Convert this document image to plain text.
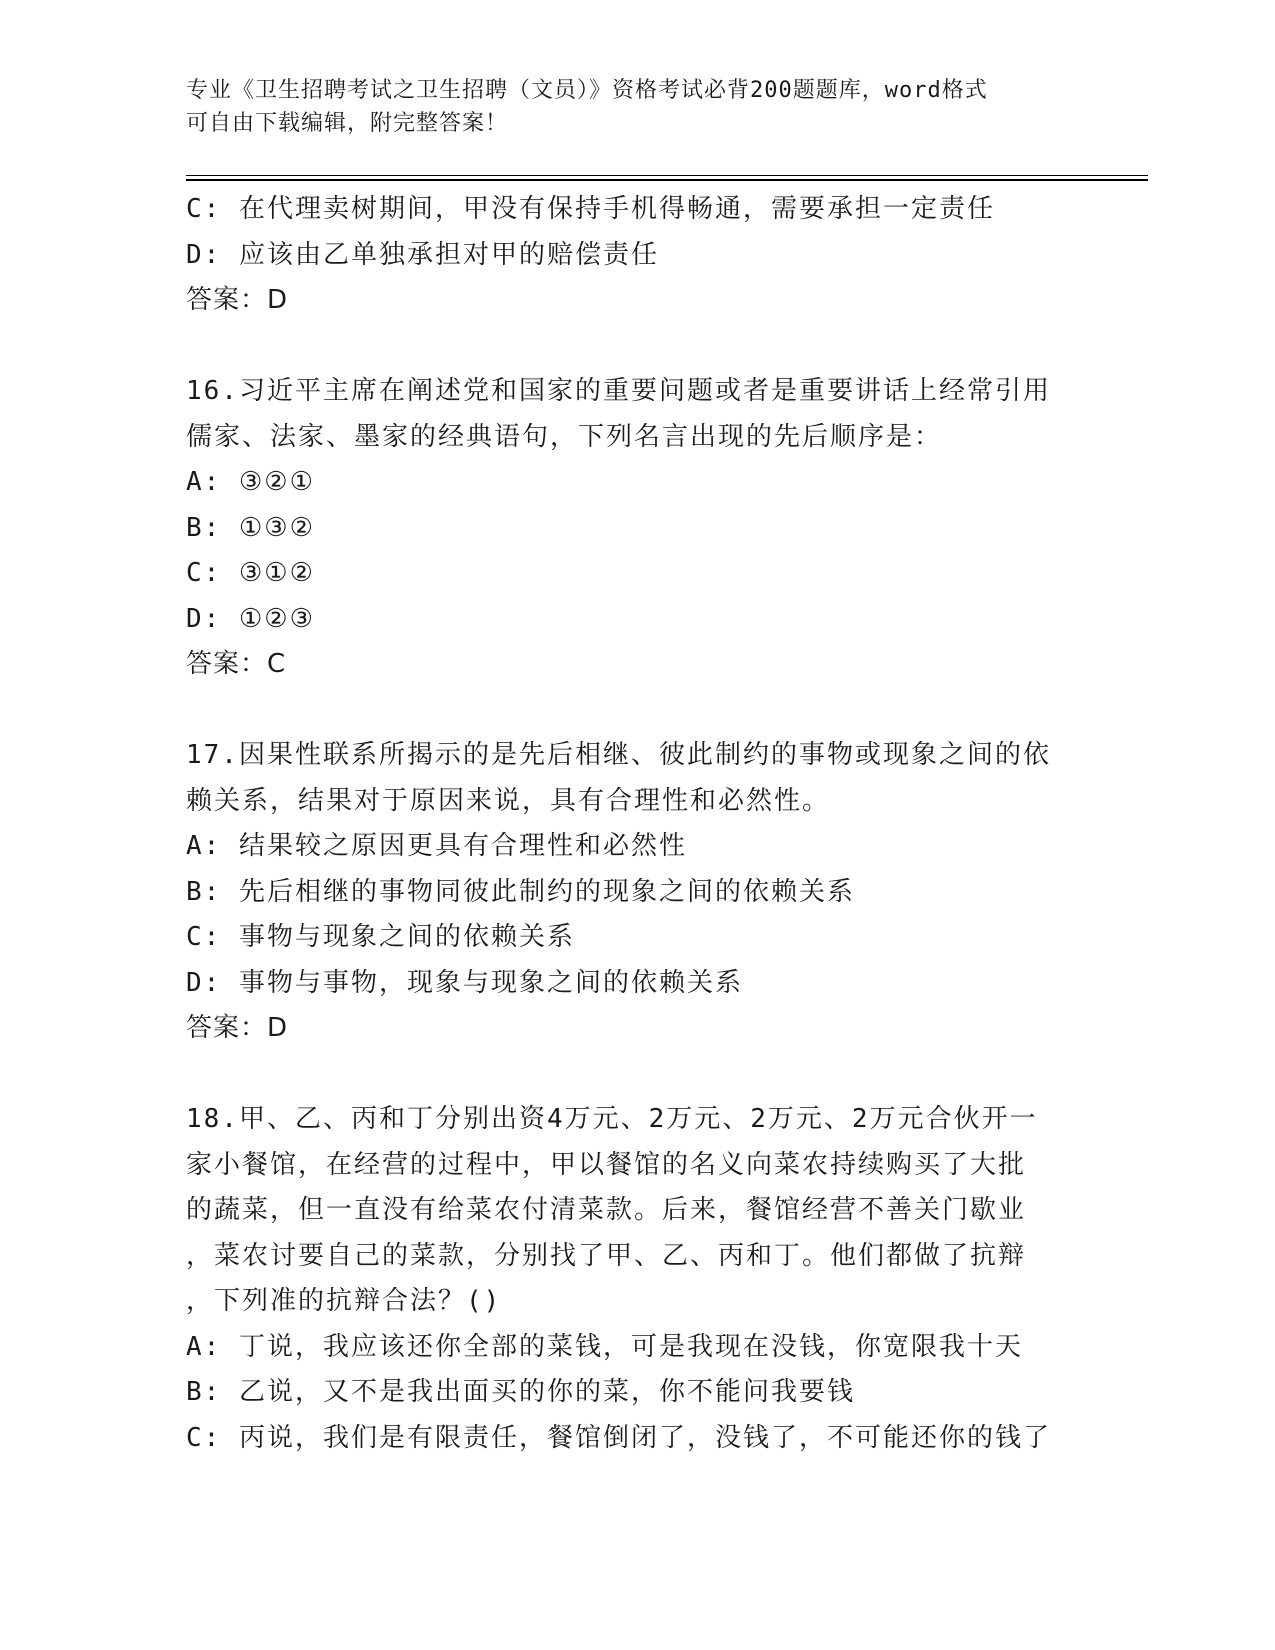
专业《卫生招聘考试之卫生招聘（文员）》资格考试必背200题题库，word格式
可自由下载编辑，附完整答案！
C: 在代理卖树期间，甲没有保持手机得畅通，需要承担一定责任
D: 应该由乙单独承担对甲的赔偿责任
答案：D
16.习近平主席在阐述党和国家的重要问题或者是重要讲话上经常引用
儒家、法家、墨家的经典语句，下列名言出现的先后顺序是：
A: ③②①
B: ①③②
C: ③①②
D: ①②③
答案：C
17.因果性联系所揭示的是先后相继、彼此制约的事物或现象之间的依
赖关系，结果对于原因来说，具有合理性和必然性。
A: 结果较之原因更具有合理性和必然性
B: 先后相继的事物同彼此制约的现象之间的依赖关系
C: 事物与现象之间的依赖关系
D: 事物与事物，现象与现象之间的依赖关系
答案：D
18.甲、乙、丙和丁分别出资4万元、2万元、2万元、2万元合伙开一
家小餐馆，在经营的过程中，甲以餐馆的名义向菜农持续购买了大批
的蔬菜，但一直没有给菜农付清菜款。后来，餐馆经营不善关门歇业
，菜农讨要自己的菜款，分别找了甲、乙、丙和丁。他们都做了抗辩
，下列准的抗辩合法？()
A: 丁说，我应该还你全部的菜钱，可是我现在没钱，你宽限我十天
B: 乙说，又不是我出面买的你的菜，你不能问我要钱
C: 丙说，我们是有限责任，餐馆倒闭了，没钱了，不可能还你的钱了
